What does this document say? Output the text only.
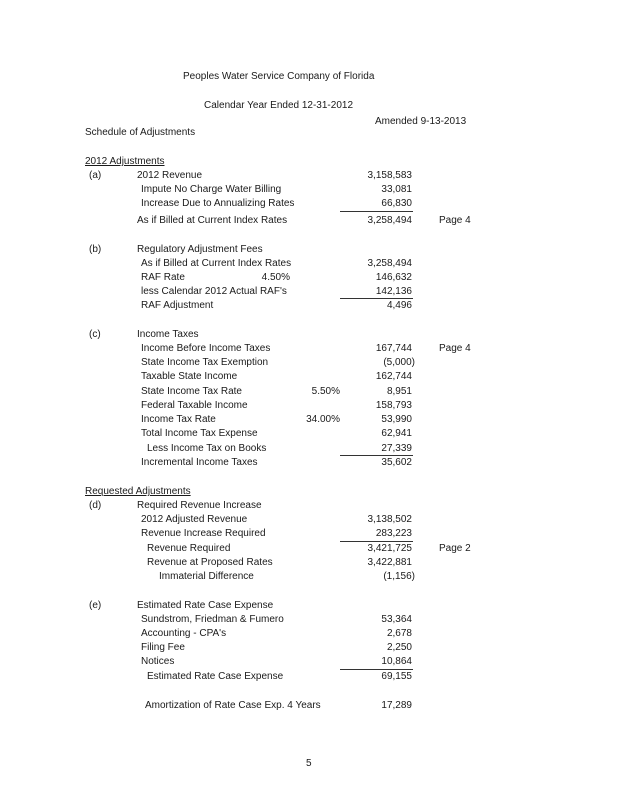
Peoples Water Service Company of Florida
Calendar Year Ended 12-31-2012
Amended 9-13-2013
Schedule of Adjustments
2012 Adjustments
(a)	2012 Revenue	3,158,583
Impute No Charge Water Billing	33,081
Increase Due to Annualizing Rates	66,830
As if Billed at Current Index Rates	3,258,494	Page 4
(b)	Regulatory Adjustment Fees
As if Billed at Current Index Rates	3,258,494
RAF Rate	4.50%	146,632
less Calendar 2012 Actual RAF's	142,136
RAF Adjustment	4,496
(c)	Income Taxes
Income Before Income Taxes	167,744	Page 4
State Income Tax Exemption	(5,000)
Taxable State Income	162,744
State Income Tax Rate	5.50%	8,951
Federal Taxable Income	158,793
Income Tax Rate	34.00%	53,990
Total Income Tax Expense	62,941
Less Income Tax on Books	27,339
Incremental Income Taxes	35,602
Requested Adjustments
(d)	Required Revenue Increase
2012 Adjusted Revenue	3,138,502
Revenue Increase Required	283,223
Revenue Required	3,421,725	Page 2
Revenue at Proposed Rates	3,422,881
Immaterial Difference	(1,156)
(e)	Estimated Rate Case Expense
Sundstrom, Friedman & Fumero	53,364
Accounting - CPA's	2,678
Filing Fee	2,250
Notices	10,864
Estimated Rate Case Expense	69,155
Amortization of Rate Case Exp. 4 Years	17,289
5
